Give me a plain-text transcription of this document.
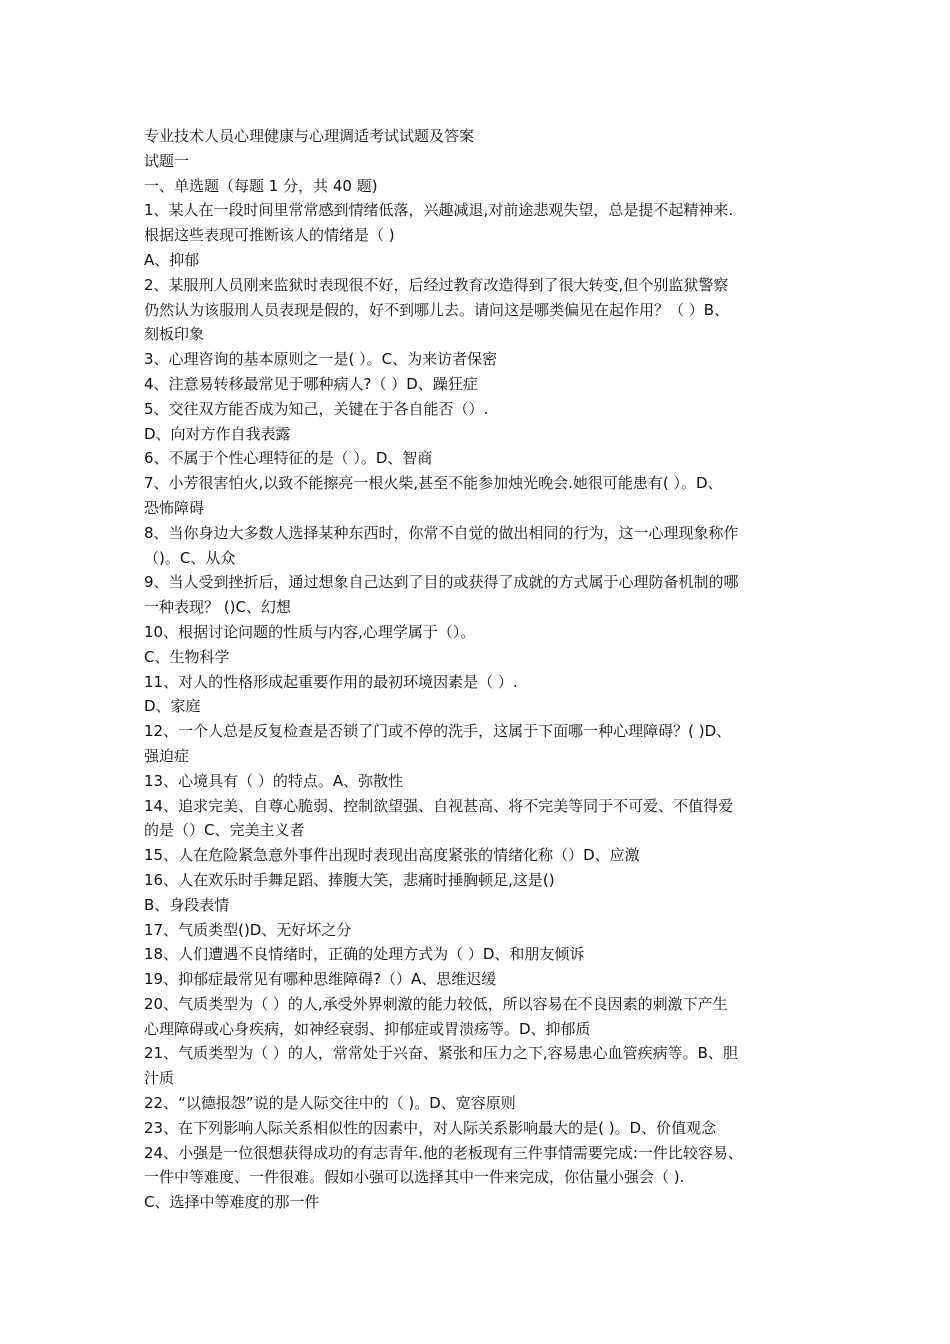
专业技术人员心理健康与心理调适考试试题及答案
试题一
一、单选题（每题 1 分，共 40 题)
1、某人在一段时间里常常感到情绪低落，兴趣减退,对前途悲观失望，总是提不起精神来.
根据这些表现可推断该人的情绪是（ )
A、抑郁
2、某服刑人员刚来监狱时表现很不好，后经过教育改造得到了很大转变,但个别监狱警察
仍然认为该服刑人员表现是假的，好不到哪儿去。请问这是哪类偏见在起作用？（ ）B、
刻板印象
3、心理咨询的基本原则之一是( ）。C、为来访者保密
4、注意易转移最常见于哪种病人?（ ）D、躁狂症
5、交往双方能否成为知己，关键在于各自能否（）.
D、向对方作自我表露
6、不属于个性心理特征的是（ ）。D、智商
7、小芳很害怕火,以致不能擦亮一根火柴,甚至不能参加烛光晚会.她很可能患有( ）。D、
恐怖障碍
8、当你身边大多数人选择某种东西时，你常不自觉的做出相同的行为，这一心理现象称作
（)。C、从众
9、当人受到挫折后，通过想象自己达到了目的或获得了成就的方式属于心理防备机制的哪
一种表现？ ()C、幻想
10、根据讨论问题的性质与内容,心理学属于（）。
C、生物科学
11、对人的性格形成起重要作用的最初环境因素是（ ）.
D、家庭
12、一个人总是反复检查是否锁了门或不停的洗手，这属于下面哪一种心理障碍？( )D、
强迫症
13、心境具有（ ）的特点。A、弥散性
14、追求完美、自尊心脆弱、控制欲望强、自视甚高、将不完美等同于不可爱、不值得爱
的是（）C、完美主义者
15、人在危险紧急意外事件出现时表现出高度紧张的情绪化称（）D、应激
16、人在欢乐时手舞足蹈、捧腹大笑，悲痛时捶胸顿足,这是()
B、身段表情
17、气质类型()D、无好坏之分
18、人们遭遇不良情绪时，正确的处理方式为（ ）D、和朋友倾诉
19、抑郁症最常见有哪种思维障碍?（）A、思维迟缓
20、气质类型为（ ）的人,承受外界刺激的能力较低，所以容易在不良因素的刺激下产生
心理障碍或心身疾病，如神经衰弱、抑郁症或胃溃疡等。D、抑郁质
21、气质类型为（ ）的人，常常处于兴奋、紧张和压力之下,容易患心血管疾病等。B、胆
汁质
22、“以德报怨”说的是人际交往中的（ )。D、宽容原则
23、在下列影响人际关系相似性的因素中，对人际关系影响最大的是( )。D、价值观念
24、小强是一位很想获得成功的有志青年.他的老板现有三件事情需要完成:一件比较容易、
一件中等难度、一件很难。假如小强可以选择其中一件来完成，你估量小强会（ ).
C、选择中等难度的那一件
